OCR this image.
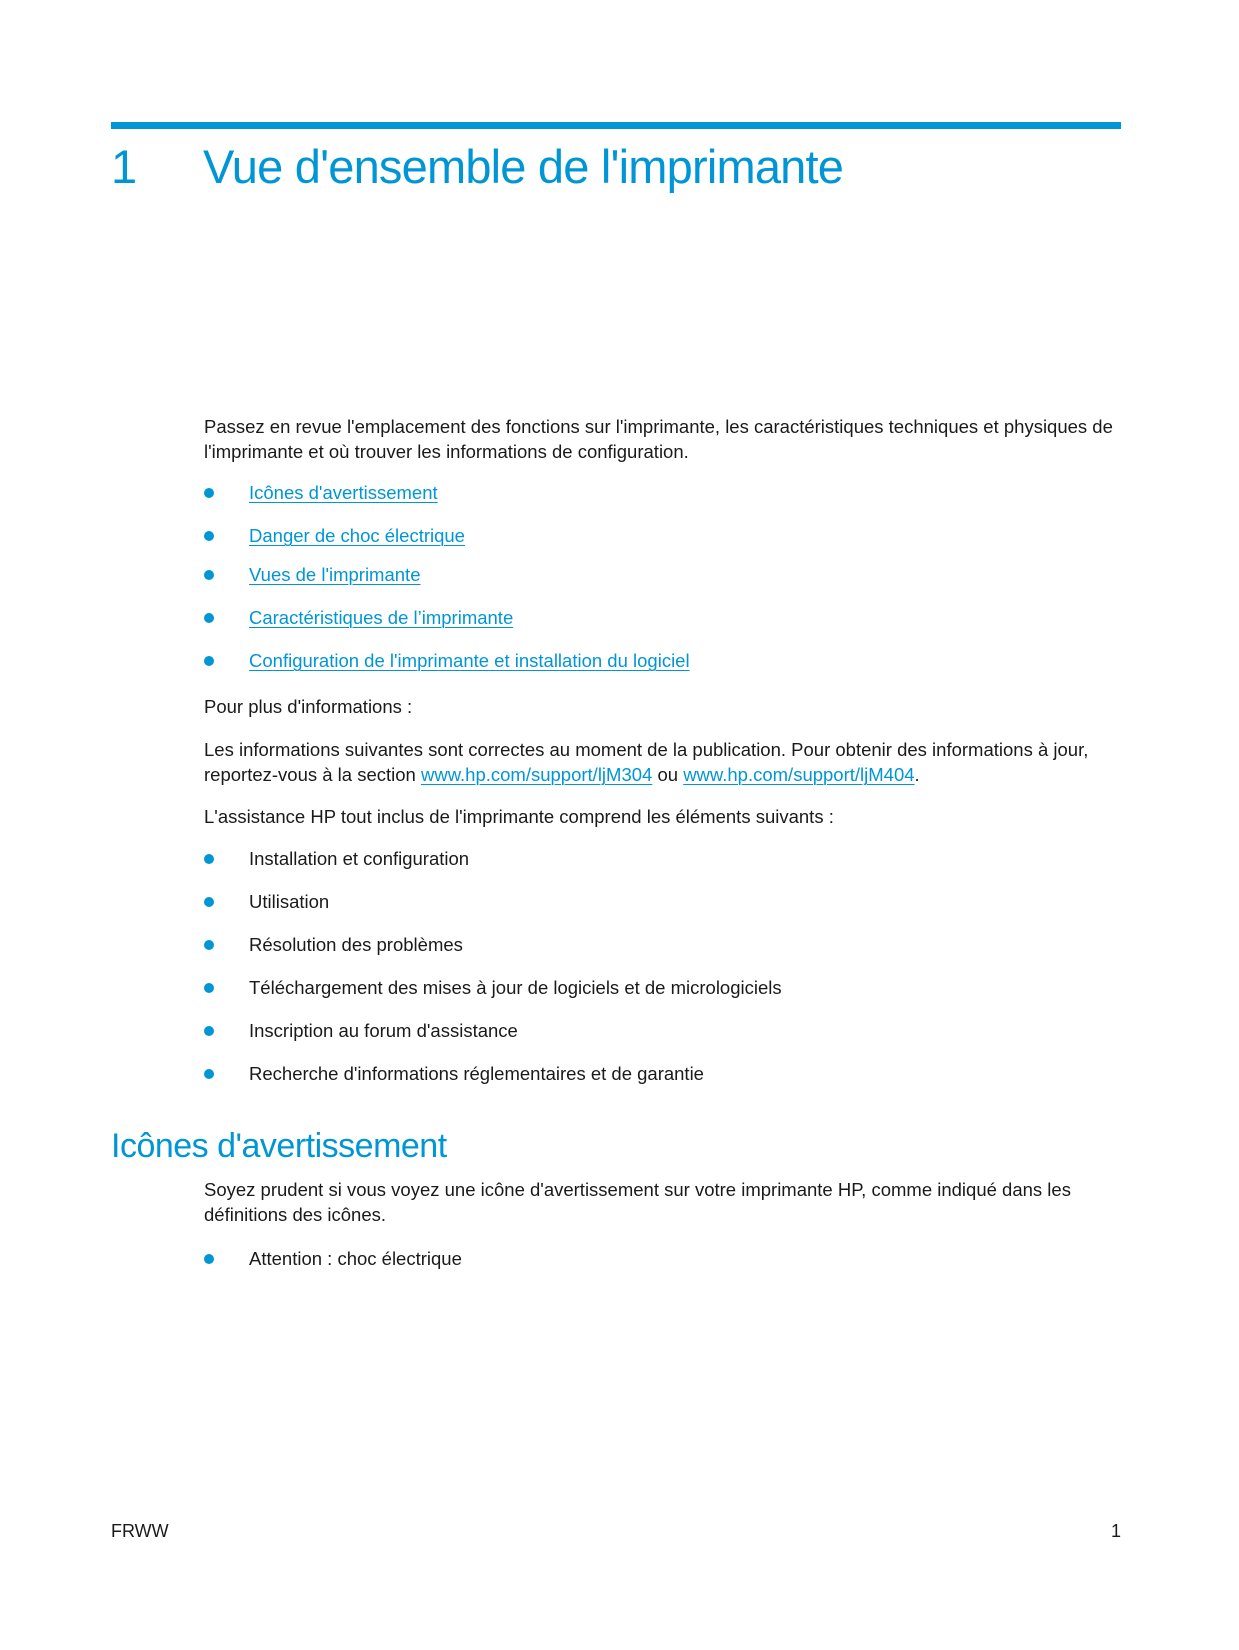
1 Vue d'ensemble de l'imprimante

Passez en revue l'emplacement des fonctions sur l'imprimante, les caractéristiques techniques et physiques de l'imprimante et où trouver les informations de configuration.

Icônes d'avertissement
Danger de choc électrique
Vues de l'imprimante
Caractéristiques de l’imprimante
Configuration de l'imprimante et installation du logiciel

Pour plus d'informations :

Les informations suivantes sont correctes au moment de la publication. Pour obtenir des informations à jour, reportez-vous à la section www.hp.com/support/ljM304 ou www.hp.com/support/ljM404.

L'assistance HP tout inclus de l'imprimante comprend les éléments suivants :

Installation et configuration
Utilisation
Résolution des problèmes
Téléchargement des mises à jour de logiciels et de micrologiciels
Inscription au forum d'assistance
Recherche d'informations réglementaires et de garantie
Icônes d'avertissement

Soyez prudent si vous voyez une icône d'avertissement sur votre imprimante HP, comme indiqué dans les définitions des icônes.

Attention : choc électrique
FRWW	1
